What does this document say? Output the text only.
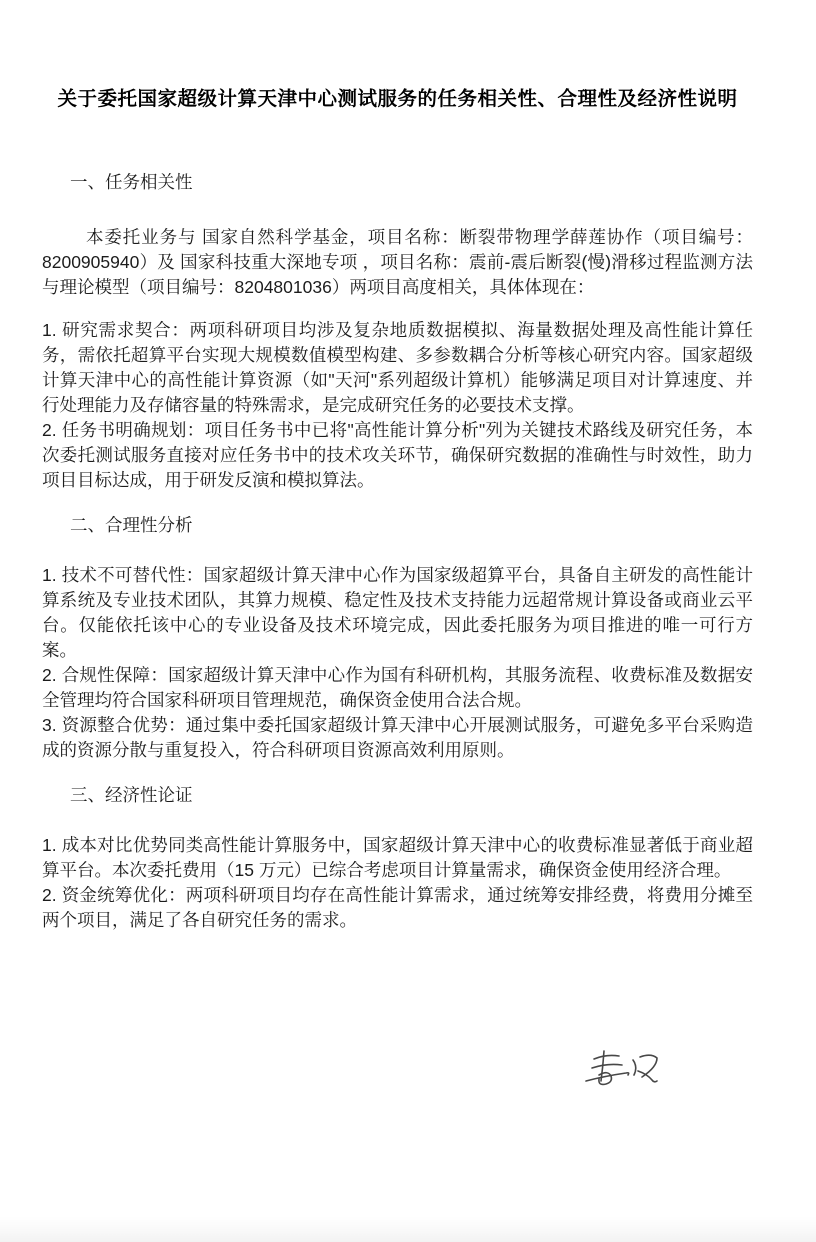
关于委托国家超级计算天津中心测试服务的任务相关性、合理性及经济性说明
一、任务相关性

本委托业务与 国家自然科学基金，项目名称：断裂带物理学薛莲协作（项目编号：8200905940）及 国家科技重大深地专项 ，项目名称：震前-震后断裂(慢)滑移过程监测方法与理论模型（项目编号：8204801036）两项目高度相关，具体体现在：

1. 研究需求契合：两项科研项目均涉及复杂地质数据模拟、海量数据处理及高性能计算任务，需依托超算平台实现大规模数值模型构建、多参数耦合分析等核心研究内容。国家超级计算天津中心的高性能计算资源（如"天河"系列超级计算机）能够满足项目对计算速度、并行处理能力及存储容量的特殊需求，是完成研究任务的必要技术支撑。

2. 任务书明确规划：项目任务书中已将"高性能计算分析"列为关键技术路线及研究任务，本次委托测试服务直接对应任务书中的技术攻关环节，确保研究数据的准确性与时效性，助力项目目标达成，用于研发反演和模拟算法。

二、合理性分析

1. 技术不可替代性：国家超级计算天津中心作为国家级超算平台，具备自主研发的高性能计算系统及专业技术团队，其算力规模、稳定性及技术支持能力远超常规计算设备或商业云平台。仅能依托该中心的专业设备及技术环境完成，因此委托服务为项目推进的唯一可行方案。

2. 合规性保障：国家超级计算天津中心作为国有科研机构，其服务流程、收费标准及数据安全管理均符合国家科研项目管理规范，确保资金使用合法合规。

3. 资源整合优势：通过集中委托国家超级计算天津中心开展测试服务，可避免多平台采购造成的资源分散与重复投入，符合科研项目资源高效利用原则。

三、经济性论证

1. 成本对比优势同类高性能计算服务中，国家超级计算天津中心的收费标准显著低于商业超算平台。本次委托费用（15 万元）已综合考虑项目计算量需求，确保资金使用经济合理。

2. 资金统筹优化：两项科研项目均存在高性能计算需求，通过统筹安排经费，将费用分摊至两个项目，满足了各自研究任务的需求。
